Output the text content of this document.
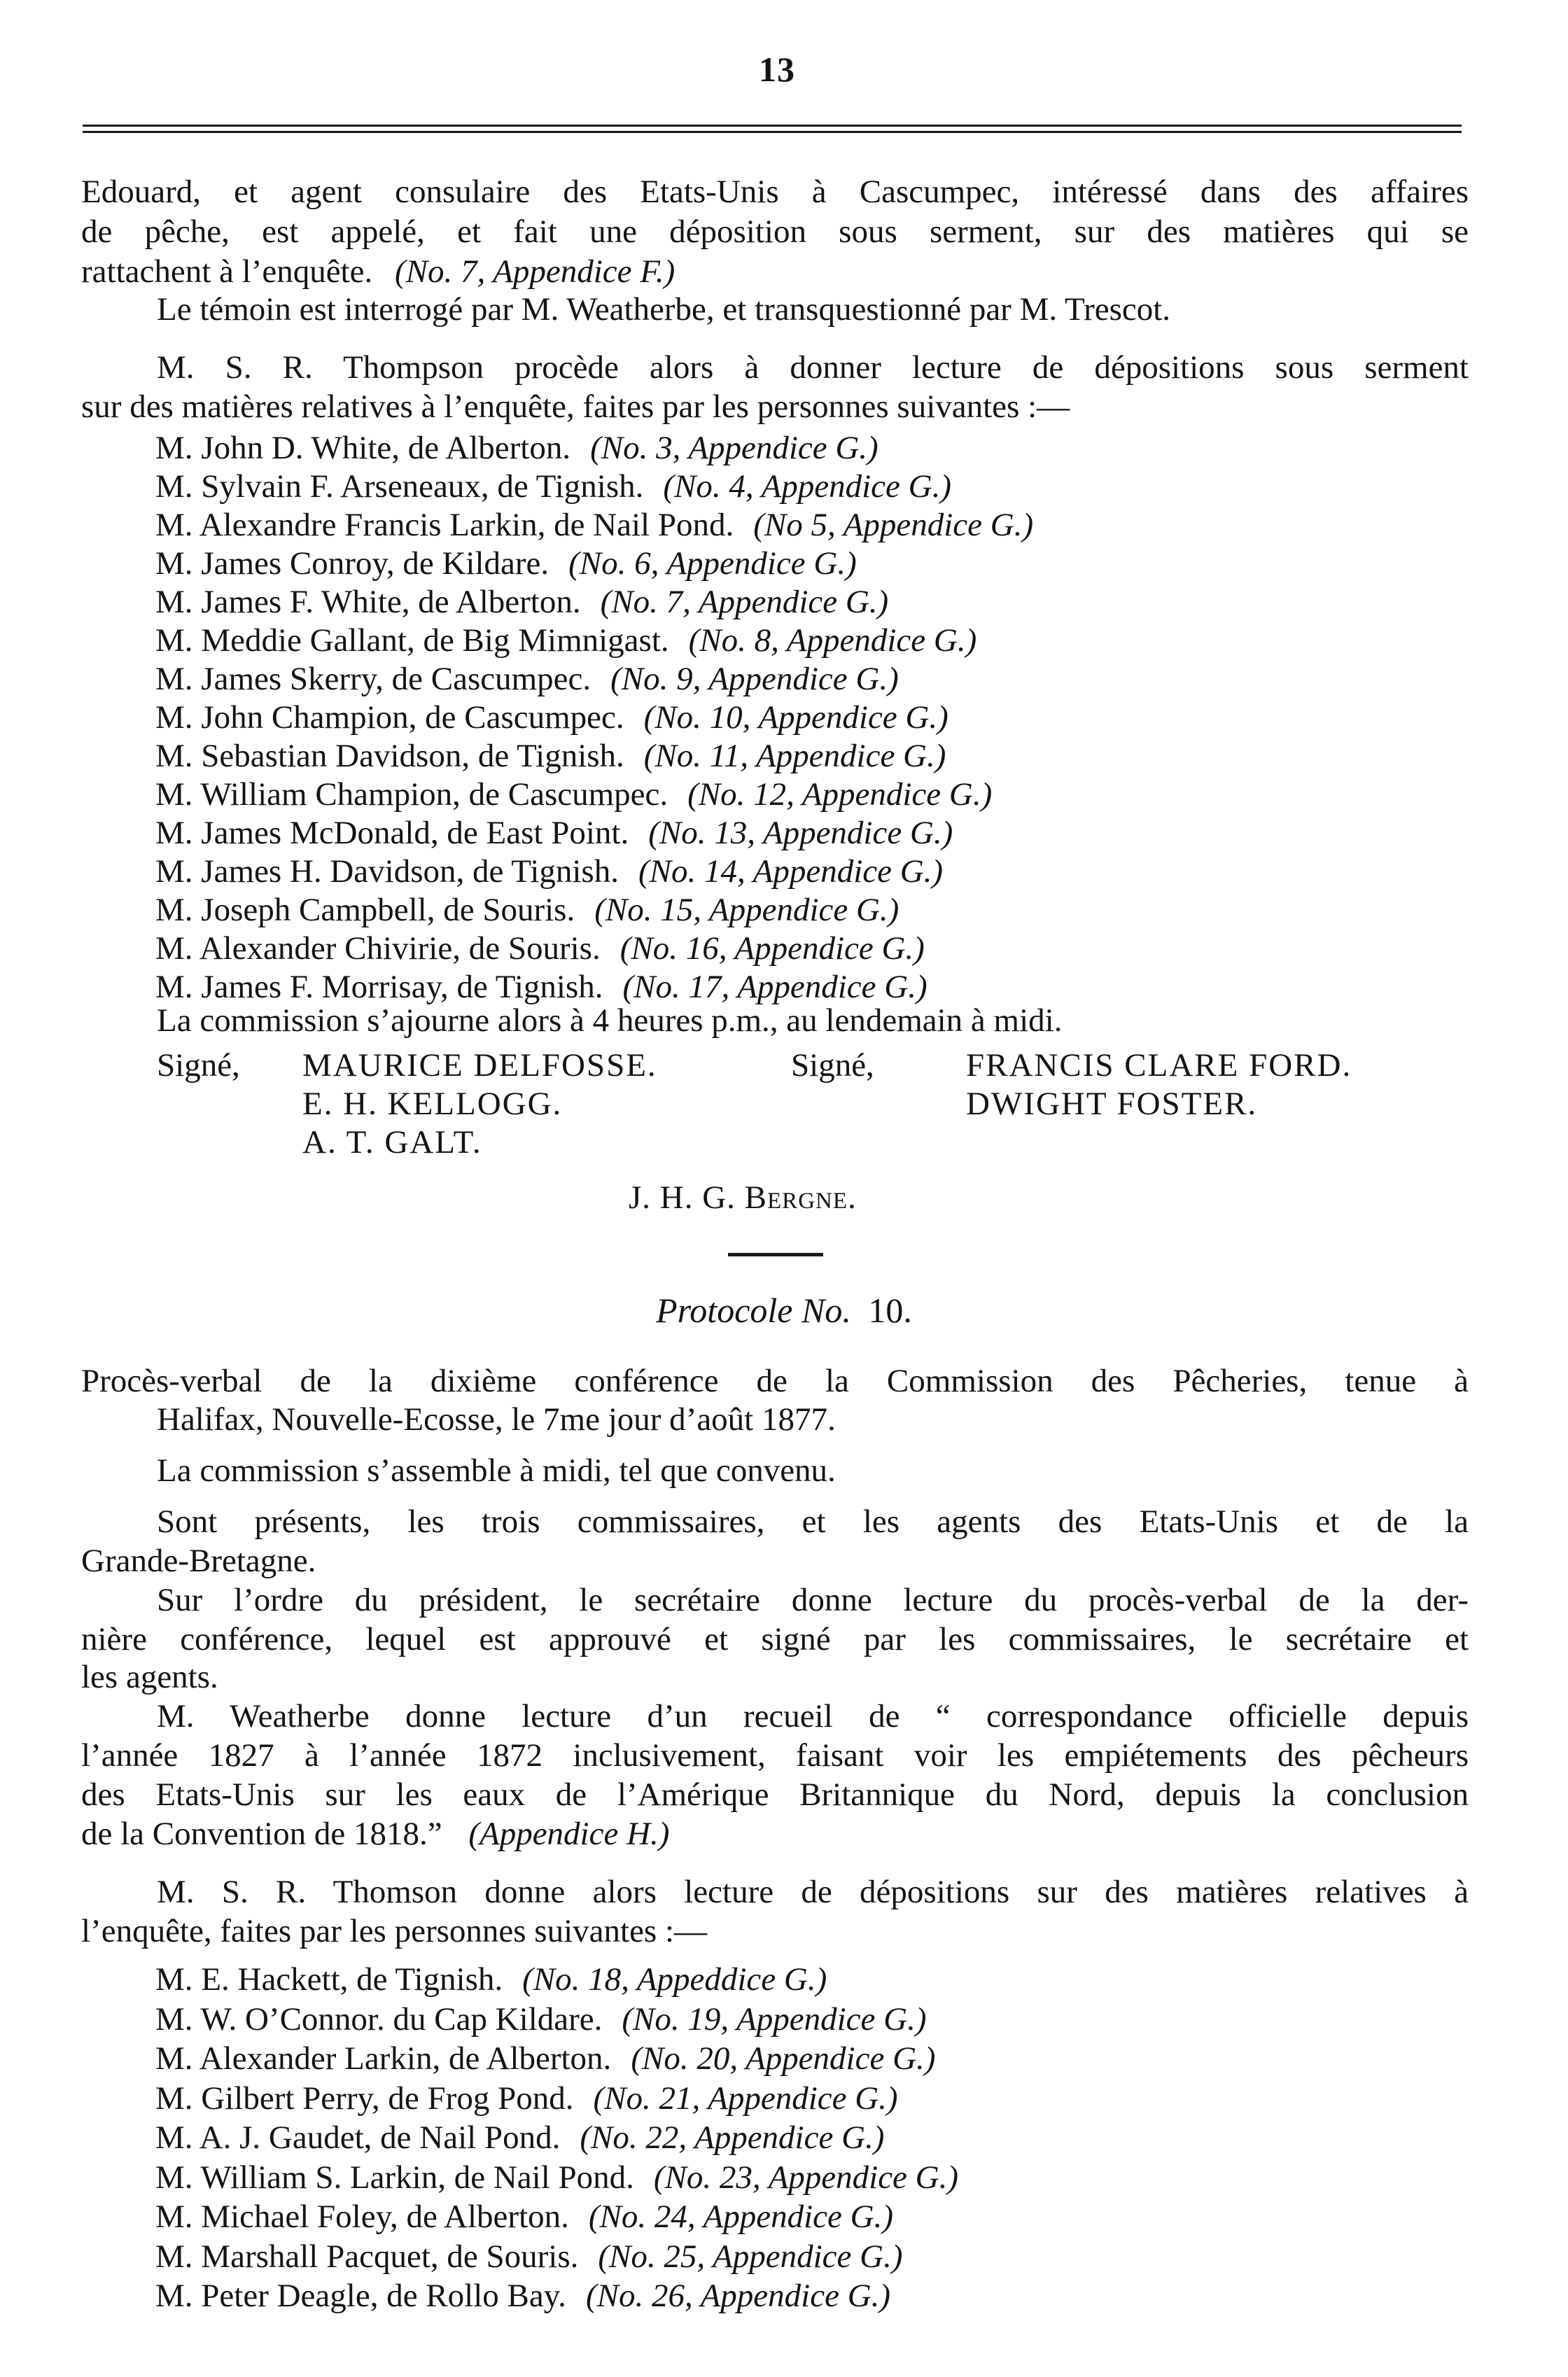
13
Edouard, et agent consulaire des Etats-Unis à Cascumpec, intéressé dans des affaires
de pêche, est appelé, et fait une déposition sous serment, sur des matières qui se
rattachent à l’enquête. (No. 7, Appendice F.)
Le témoin est interrogé par M. Weatherbe, et transquestionné par M. Trescot.
M. S. R. Thompson procède alors à donner lecture de dépositions sous serment
sur des matières relatives à l’enquête, faites par les personnes suivantes :—
M. John D. White, de Alberton. (No. 3, Appendice G.)
M. Sylvain F. Arseneaux, de Tignish. (No. 4, Appendice G.)
M. Alexandre Francis Larkin, de Nail Pond. (No 5, Appendice G.)
M. James Conroy, de Kildare. (No. 6, Appendice G.)
M. James F. White, de Alberton. (No. 7, Appendice G.)
M. Meddie Gallant, de Big Mimnigast. (No. 8, Appendice G.)
M. James Skerry, de Cascumpec. (No. 9, Appendice G.)
M. John Champion, de Cascumpec. (No. 10, Appendice G.)
M. Sebastian Davidson, de Tignish. (No. 11, Appendice G.)
M. William Champion, de Cascumpec. (No. 12, Appendice G.)
M. James McDonald, de East Point. (No. 13, Appendice G.)
M. James H. Davidson, de Tignish. (No. 14, Appendice G.)
M. Joseph Campbell, de Souris. (No. 15, Appendice G.)
M. Alexander Chivirie, de Souris. (No. 16, Appendice G.)
M. James F. Morrisay, de Tignish. (No. 17, Appendice G.)
La commission s’ajourne alors à 4 heures p.m., au lendemain à midi.
Signé, MAURICE DELFOSSE.
E. H. KELLOGG.
A. T. GALT.
Signé,	FRANCIS CLARE FORD.
DWIGHT FOSTER.
J. H. G. Bergne.
Protocole No. 10.
Procès-verbal de la dixième conférence de la Commission des Pêcheries, tenue à
Halifax, Nouvelle-Ecosse, le 7me jour d’août 1877.
La commission s’assemble à midi, tel que convenu.
Sont présents, les trois commissaires, et les agents des Etats-Unis et de la
Grande-Bretagne.
Sur l’ordre du président, le secrétaire donne lecture du procès-verbal de la der-
nière conférence, lequel est approuvé et signé par les commissaires, le secrétaire et
les agents.
M. Weatherbe donne lecture d’un recueil de “ correspondance officielle depuis
l’année 1827 à l’année 1872 inclusivement, faisant voir les empiétements des pêcheurs
des Etats-Unis sur les eaux de l’Amérique Britannique du Nord, depuis la conclusion
de la Convention de 1818.” (Appendice H.)
M. S. R. Thomson donne alors lecture de dépositions sur des matières relatives à
l’enquête, faites par les personnes suivantes :—
M. E. Hackett, de Tignish. (No. 18, Appeddice G.)
M. W. O’Connor. du Cap Kildare. (No. 19, Appendice G.)
M. Alexander Larkin, de Alberton. (No. 20, Appendice G.)
M. Gilbert Perry, de Frog Pond. (No. 21, Appendice G.)
M. A. J. Gaudet, de Nail Pond. (No. 22, Appendice G.)
M. William S. Larkin, de Nail Pond. (No. 23, Appendice G.)
M. Michael Foley, de Alberton. (No. 24, Appendice G.)
M. Marshall Pacquet, de Souris. (No. 25, Appendice G.)
M. Peter Deagle, de Rollo Bay. (No. 26, Appendice G.)
